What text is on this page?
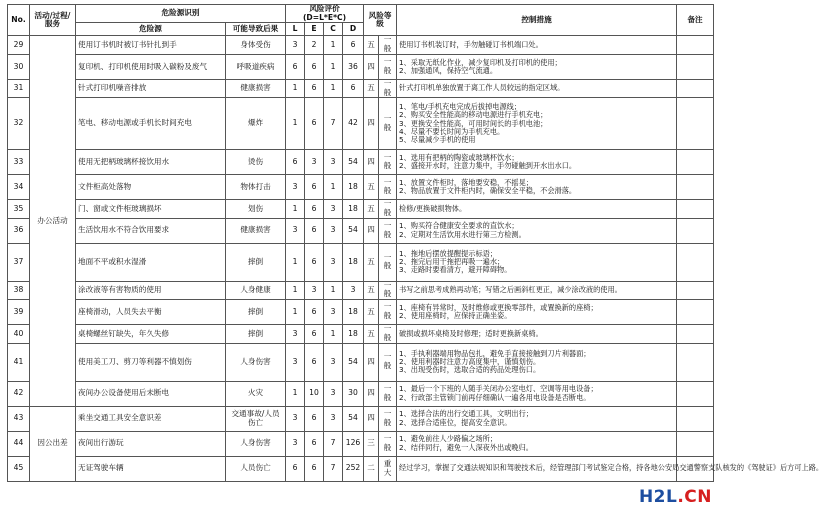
No.	活动/过程/服务	危险源识别		风险评价(D=L*E*C)				风险等级		控制措施	备注
		危险源	可能导致后果	L	E	C	D				
29	办公活动	使用订书机时被订书针扎到手	身体受伤	3	2	1	6	五	一般	使用订书机装订时，手勿触碰订书机端口处。	

30		复印机、打印机使用时吸入碳粉及废气	呼吸道疾病	6	6	1	36	四	一般	1、采取无纸化作业，减少复印机及打印机的使用；
2、加强通风，保持空气流通。	

31		针式打印机噪音排放	健康损害	1	6	1	6	五	一般	针式打印机单独放置于离工作人员较远的指定区域。	

32		笔电、移动电源或手机长时间充电	爆炸	1	6	7	42	四	一般	1、笔电/手机充电完成后拔掉电源线；
2、购买安全性能高的移动电源进行手机充电；
3、更换安全性能高，可用时间长的手机电池；
4、尽量不要长时间为手机充电。
5、尽量减少手机的使用	

33		使用无把柄玻璃杯接饮用水	烫伤	6	3	3	54	四	一般	1、选用有把柄的陶瓷或玻璃杯饮水；
2、盛接开水时，注意力集中，手勿碰触到开水出水口。	

34		文件柜高处落物	物体打击	3	6	1	18	五	一般	1、放置文件柜时，落地要安稳，不摇晃；
2、物品放置于文件柜内时，确保安全平稳，不会滑落。	

35		门、窗或文件柜玻璃损坏	划伤	1	6	3	18	五	一般	检修/更换破损物体。	

36		生活饮用水不符合饮用要求	健康损害	3	6	3	54	四	一般	1、购买符合健康安全要求的直饮水；
2、定期对生活饮用水进行第三方检测。	

37		地面不平或积水湿滑	摔倒	1	6	3	18	五	一般	1、拖地后摆放提醒提示标语；
2、拖完后用干拖把再吸一遍水；
3、走路时要看清方，避开障碍物。	

38		涂改液等有害物质的使用	人身健康	1	3	1	3	五	一般	书写之前思考成熟再动笔；写错之后画斜杠更正，减少涂改液的使用。	

39		座椅滑动，人员失去平衡	摔倒	1	6	3	18	五	一般	1、座椅有异常时，及时维修或更换零部件，或置换新的座椅；
2、使用座椅时，应保持正确坐姿。	

40		桌椅螺丝钉缺失，年久失修	摔倒	3	6	1	18	五	一般	破损或损坏桌椅及时修理；适时更换新桌椅。	

41		使用美工刀、剪刀等利器不慎划伤	人身伤害	3	6	3	54	四	一般	1、手执利器端用物品包扎，避免手直接接触到刀片利器面；
2、使用利器时注意力高度集中，谨慎划伤。
3、出现受伤时，选取合适的药品处理伤口。	

42		夜间办公设备使用后未断电	火灾	1	10	3	30	四	一般	1、最后一个下班的人随手关闭办公室电灯、空调等用电设备；
2、行政部主管锁门前再仔细确认一遍各用电设备是否断电。	

43	因公出差	乘坐交通工具安全意识差	交通事故/人员伤亡	3	6	3	54	四	一般	1、选择合法的出行交通工具，文明出行；
2、选择合适座位，提高安全意识。	

44		夜间出行游玩	人身伤害	3	6	7	126	三	一般	1、避免前往人少路偏之场所；
2、结伴同行，避免一人深夜外出或晚归。	

45		无证驾驶车辆	人员伤亡	6	6	7	252	二	重大	经过学习，掌握了交通法规知识和驾驶技术后，经管理部门考试鉴定合格，持各地公安局交通警察支队核发的《驾驶证》后方可上路。	

H2L.CN
